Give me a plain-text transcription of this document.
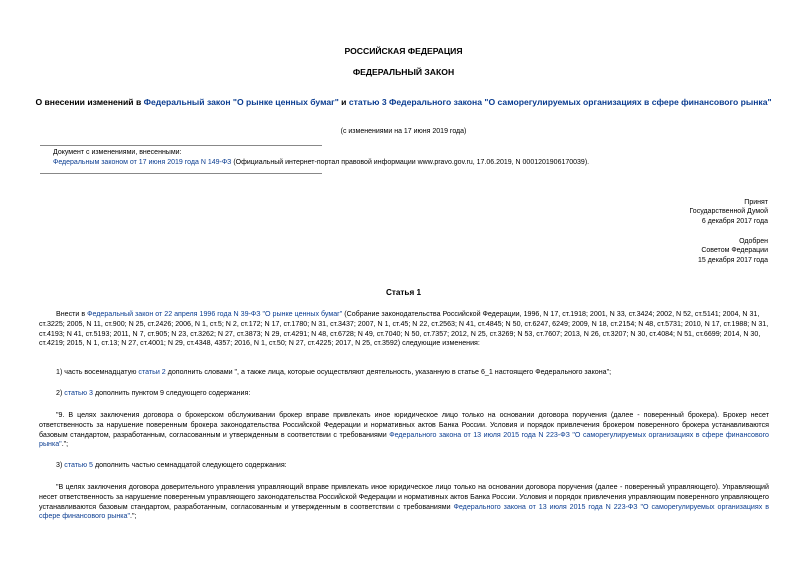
РОССИЙСКАЯ ФЕДЕРАЦИЯ
ФЕДЕРАЛЬНЫЙ ЗАКОН
О внесении изменений в Федеральный закон "О рынке ценных бумаг" и статью 3 Федерального закона "О саморегулируемых организациях в сфере финансового рынка"
(с изменениями на 17 июня 2019 года)
Документ с изменениями, внесенными:
Федеральным законом от 17 июня 2019 года N 149-ФЗ (Официальный интернет-портал правовой информации www.pravo.gov.ru, 17.06.2019, N 0001201906170039).
Принят
Государственной Думой
6 декабря 2017 года
Одобрен
Советом Федерации
15 декабря 2017 года
Статья 1
Внести в Федеральный закон от 22 апреля 1996 года N 39-ФЗ "О рынке ценных бумаг" (Собрание законодательства Российской Федерации, 1996, N 17, ст.1918; 2001, N 33, ст.3424; 2002, N 52, ст.5141; 2004, N 31, ст.3225; 2005, N 11, ст.900; N 25, ст.2426; 2006, N 1, ст.5; N 2, ст.172; N 17, ст.1780; N 31, ст.3437; 2007, N 1, ст.45; N 22, ст.2563; N 41, ст.4845; N 50, ст.6247, 6249; 2009, N 18, ст.2154; N 48, ст.5731; 2010, N 17, ст.1988; N 31, ст.4193; N 41, ст.5193; 2011, N 7, ст.905; N 23, ст.3262; N 27, ст.3873; N 29, ст.4291; N 48, ст.6728; N 49, ст.7040; N 50, ст.7357; 2012, N 25, ст.3269; N 53, ст.7607; 2013, N 26, ст.3207; N 30, ст.4084; N 51, ст.6699; 2014, N 30, ст.4219; 2015, N 1, ст.13; N 27, ст.4001; N 29, ст.4348, 4357; 2016, N 1, ст.50; N 27, ст.4225; 2017, N 25, ст.3592) следующие изменения:
1) часть восемнадцатую статьи 2 дополнить словами ", а также лица, которые осуществляют деятельность, указанную в статье 6_1 настоящего Федерального закона";
2) статью 3 дополнить пунктом 9 следующего содержания:
"9. В целях заключения договора о брокерском обслуживании брокер вправе привлекать иное юридическое лицо только на основании договора поручения (далее - поверенный брокера). Брокер несет ответственность за нарушение поверенным брокера законодательства Российской Федерации и нормативных актов Банка России. Условия и порядок привлечения брокером поверенного брокера устанавливаются базовым стандартом, разработанным, согласованным и утвержденным в соответствии с требованиями Федерального закона от 13 июля 2015 года N 223-ФЗ "О саморегулируемых организациях в сфере финансового рынка".";
3) статью 5 дополнить частью семнадцатой следующего содержания:
"В целях заключения договора доверительного управления управляющий вправе привлекать иное юридическое лицо только на основании договора поручения (далее - поверенный управляющего). Управляющий несет ответственность за нарушение поверенным управляющего законодательства Российской Федерации и нормативных актов Банка России. Условия и порядок привлечения управляющим поверенного управляющего устанавливаются базовым стандартом, разработанным, согласованным и утвержденным в соответствии с требованиями Федерального закона от 13 июля 2015 года N 223-ФЗ "О саморегулируемых организациях в сфере финансового рынка".";
